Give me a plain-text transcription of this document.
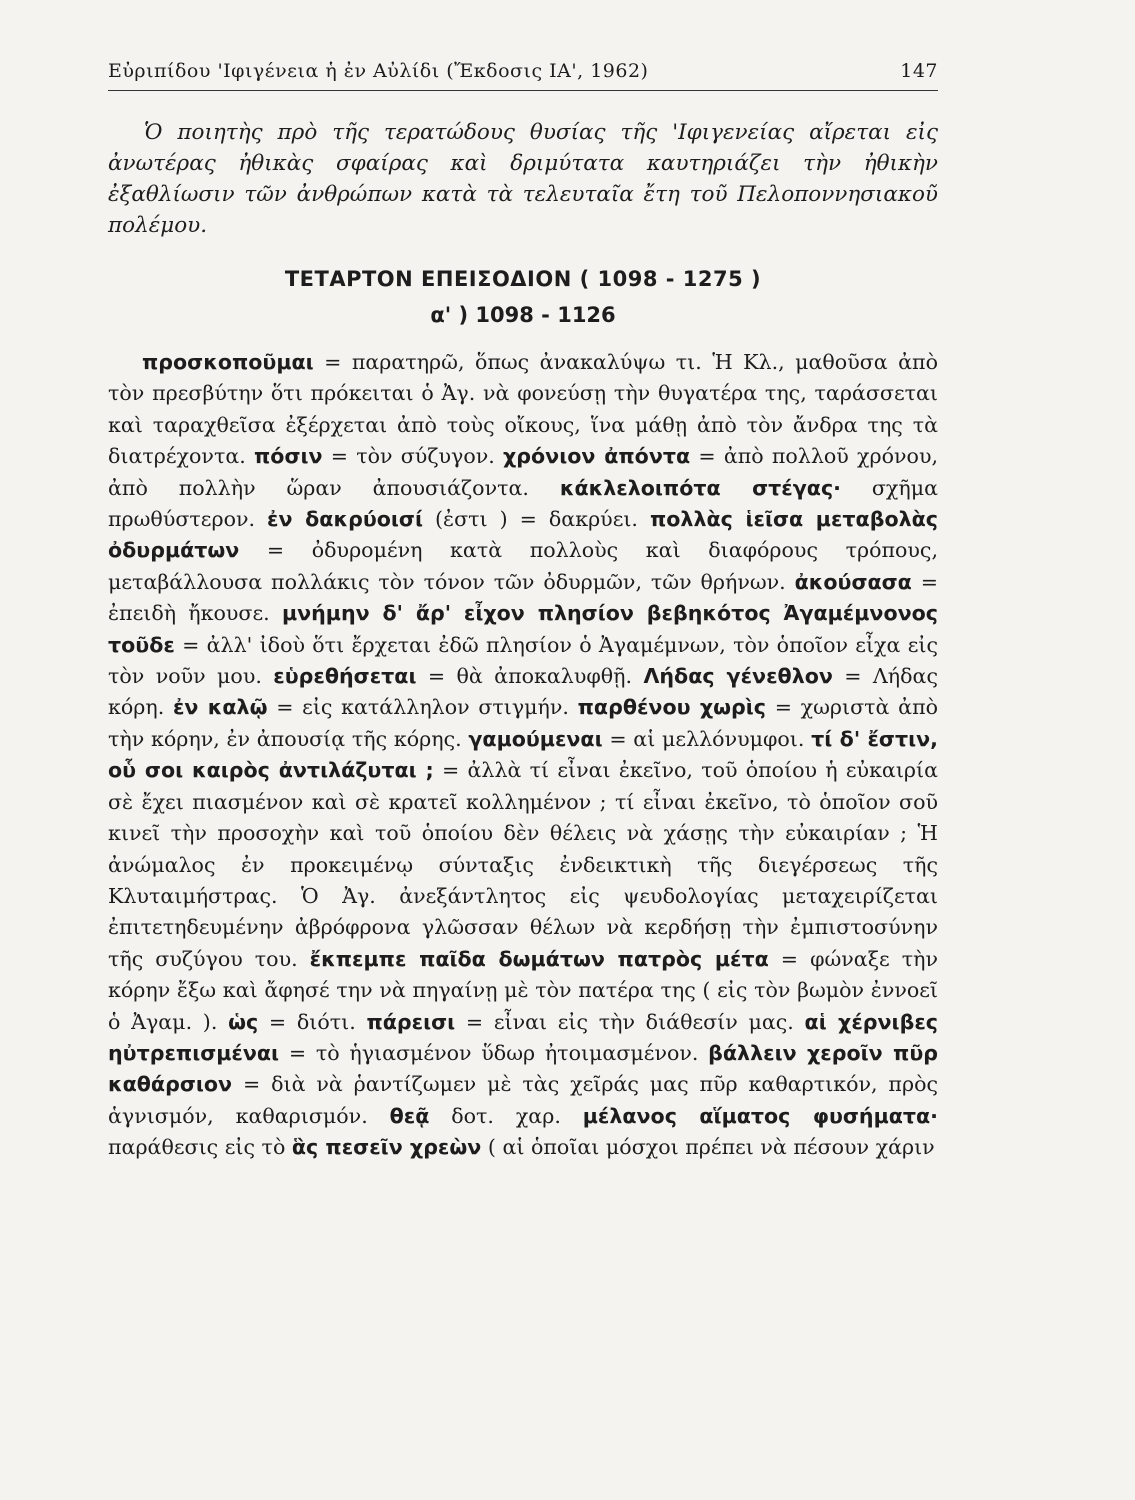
Εὐριπίδου 'Ιφιγένεια ἡ ἐν Αὐλίδι (Ἔκδοσις ΙΑ', 1962)	147

Ὁ ποιητὴς πρὸ τῆς τερατώδους θυσίας τῆς 'Ιφιγενείας αἴρεται εἰς ἀνωτέρας ἠθικὰς σφαίρας καὶ δριμύτατα καυτηριάζει τὴν ἠθικὴν ἐξαθλίωσιν τῶν ἀνθρώπων κατὰ τὰ τελευταῖα ἔτη τοῦ Πελοποννησιακοῦ πολέμου.

ΤΕΤΑΡΤΟΝ ΕΠΕΙΣΟΔΙΟΝ ( 1098 - 1275 )
α' ) 1098 - 1126

προσκοποῦμαι = παρατηρῶ, ὅπως ἀνακαλύψω τι. Ἡ Κλ., μαθοῦσα ἀπὸ τὸν πρεσβύτην ὅτι πρόκειται ὁ Ἀγ. νὰ φονεύσῃ τὴν θυγατέρα της, ταράσσεται καὶ ταραχθεῖσα ἐξέρχεται ἀπὸ τοὺς οἴκους, ἵνα μάθῃ ἀπὸ τὸν ἄνδρα της τὰ διατρέχοντα. πόσιν = τὸν σύζυγον. χρόνιον ἀπόντα = ἀπὸ πολλοῦ χρόνου, ἀπὸ πολλὴν ὥραν ἀπουσιάζοντα. κάκλελοιπότα στέγας· σχῆμα πρωθύστερον. ἐν δακρύοισί (ἐστι ) = δακρύει. πολλὰς ἱεῖσα μεταβολὰς ὀδυρμάτων = ὀδυρομένη κατὰ πολλοὺς καὶ διαφόρους τρόπους, μεταβάλλουσα πολλάκις τὸν τόνον τῶν ὀδυρμῶν, τῶν θρήνων. ἀκούσασα = ἐπειδὴ ἤκουσε. μνήμην δ' ἄρ' εἶχον πλησίον βεβηκότος Ἀγαμέμνονος τοῦδε = ἀλλ' ἰδοὺ ὅτι ἔρχεται ἐδῶ πλησίον ὁ Ἀγαμέμνων, τὸν ὁποῖον εἶχα εἰς τὸν νοῦν μου. εὑρεθήσεται = θὰ ἀποκαλυφθῇ. Λήδας γένεθλον = Λήδας κόρη. ἐν καλῷ = εἰς κατάλληλον στιγμήν. παρθένου χωρὶς = χωριστὰ ἀπὸ τὴν κόρην, ἐν ἀπουσίᾳ τῆς κόρης. γαμούμεναι = αἱ μελλόνυμφοι. τί δ' ἔστιν, οὗ σοι καιρὸς ἀντιλάζυται ; = ἀλλὰ τί εἶναι ἐκεῖνο, τοῦ ὁποίου ἡ εὐκαιρία σὲ ἔχει πιασμένον καὶ σὲ κρατεῖ κολλημένον ; τί εἶναι ἐκεῖνο, τὸ ὁποῖον σοῦ κινεῖ τὴν προσοχὴν καὶ τοῦ ὁποίου δὲν θέλεις νὰ χάσῃς τὴν εὐκαιρίαν ; Ἡ ἀνώμαλος ἐν προκειμένῳ σύνταξις ἐνδεικτικὴ τῆς διεγέρσεως τῆς Κλυταιμήστρας. Ὁ Ἀγ. ἀνεξάντλητος εἰς ψευδολογίας μεταχειρίζεται ἐπιτετηδευμένην ἀβρόφρονα γλῶσσαν θέλων νὰ κερδήσῃ τὴν ἐμπιστοσύνην τῆς συζύγου του. ἔκπεμπε παῖδα δωμάτων πατρὸς μέτα = φώναξε τὴν κόρην ἔξω καὶ ἄφησέ την νὰ πηγαίνῃ μὲ τὸν πατέρα της ( εἰς τὸν βωμὸν ἐννοεῖ ὁ Ἀγαμ. ). ὡς = διότι. πάρεισι = εἶναι εἰς τὴν διάθεσίν μας. αἱ χέρνιβες ηὐτρεπισμέναι = τὸ ἡγιασμένον ὕδωρ ἠτοιμασμένον. βάλλειν χεροῖν πῦρ καθάρσιον = διὰ νὰ ῥαντίζωμεν μὲ τὰς χεῖράς μας πῦρ καθαρτικόν, πρὸς ἁγνισμόν, καθαρισμόν. θεᾷ δοτ. χαρ. μέλανος αἵματος φυσήματα· παράθεσις εἰς τὸ ἃς πεσεῖν χρεὼν ( αἱ ὁποῖαι μόσχοι πρέπει νὰ πέσουν χάριν
